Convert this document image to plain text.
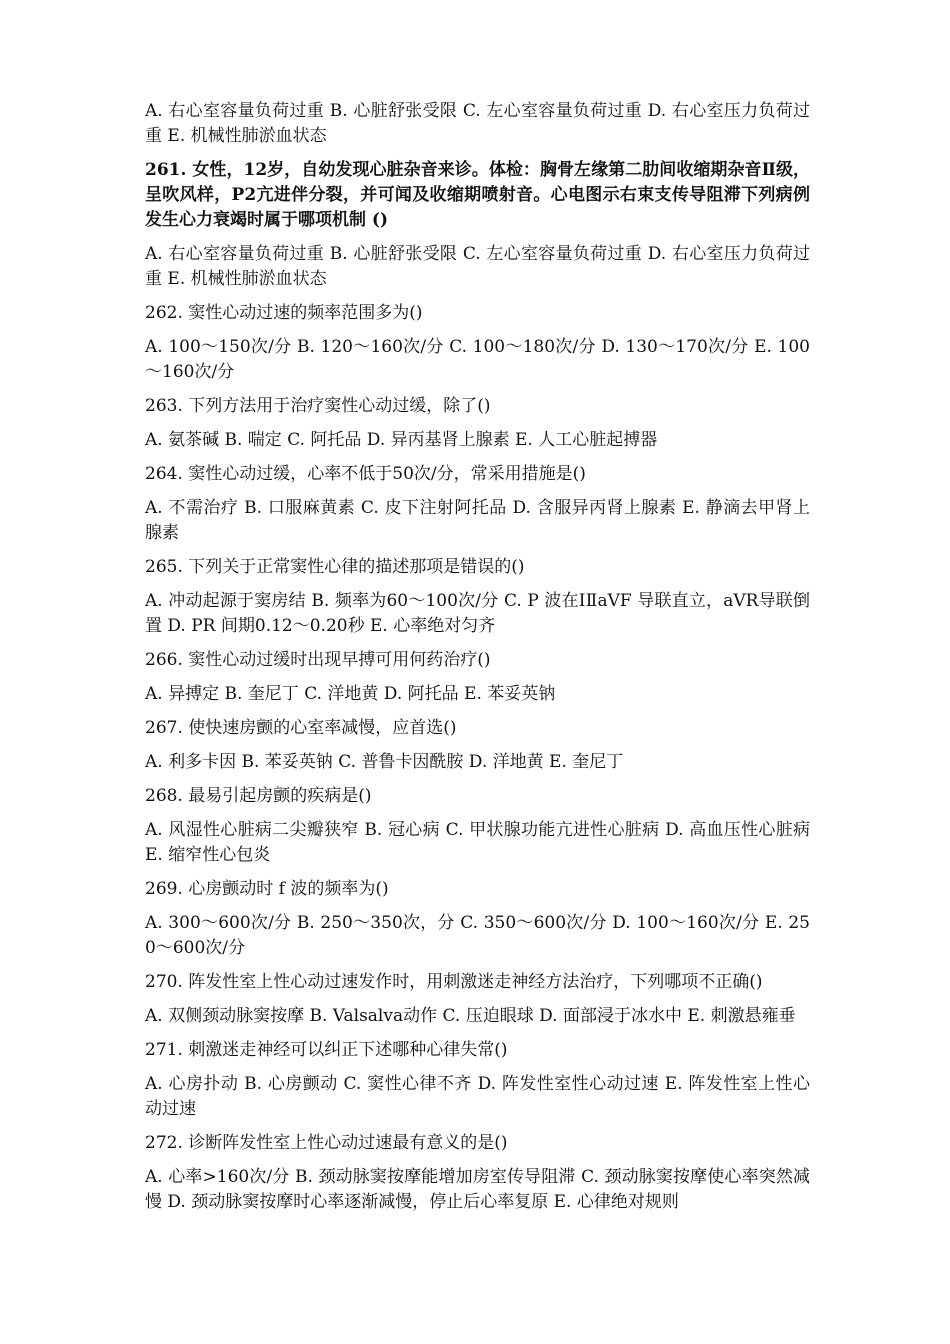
A. 右心室容量负荷过重 B. 心脏舒张受限 C. 左心室容量负荷过重 D. 右心室压力负荷过重 E. 机械性肺淤血状态

261. 女性，12岁，自幼发现心脏杂音来诊。体检：胸骨左缘第二肋间收缩期杂音Ⅱ级，呈吹风样，P2亢进伴分裂，并可闻及收缩期喷射音。心电图示右束支传导阻滞下列病例发生心力衰竭时属于哪项机制 ()

A. 右心室容量负荷过重 B. 心脏舒张受限 C. 左心室容量负荷过重 D. 右心室压力负荷过重 E. 机械性肺淤血状态

262. 窦性心动过速的频率范围多为()

A. 100～150次/分 B. 120～160次/分 C. 100～180次/分 D. 130～170次/分 E. 100～160次/分

263. 下列方法用于治疗窦性心动过缓，除了()

A. 氨茶碱 B. 喘定 C. 阿托品 D. 异丙基肾上腺素 E. 人工心脏起搏器

264. 窦性心动过缓，心率不低于50次/分，常采用措施是()

A. 不需治疗 B. 口服麻黄素 C. 皮下注射阿托品 D. 含服异丙肾上腺素 E. 静滴去甲肾上腺素

265. 下列关于正常窦性心律的描述那项是错误的()

A. 冲动起源于窦房结 B. 频率为60～100次/分 C. P 波在ⅠⅡaVF 导联直立，aVR导联倒置 D. PR 间期0.12～0.20秒 E. 心率绝对匀齐

266. 窦性心动过缓时出现早搏可用何药治疗()

A. 异搏定 B. 奎尼丁 C. 洋地黄 D. 阿托品 E. 苯妥英钠

267. 使快速房颤的心室率减慢，应首选()

A. 利多卡因 B. 苯妥英钠 C. 普鲁卡因酰胺 D. 洋地黄 E. 奎尼丁

268. 最易引起房颤的疾病是()

A. 风湿性心脏病二尖瓣狭窄 B. 冠心病 C. 甲状腺功能亢进性心脏病 D. 高血压性心脏病 E. 缩窄性心包炎

269. 心房颤动时 f 波的频率为()

A. 300～600次/分 B. 250～350次，分 C. 350～600次/分 D. 100～160次/分 E. 250～600次/分

270. 阵发性室上性心动过速发作时，用刺激迷走神经方法治疗，下列哪项不正确()

A. 双侧颈动脉窦按摩 B. Valsalva动作 C. 压迫眼球 D. 面部浸于冰水中 E. 刺激悬雍垂

271. 刺激迷走神经可以纠正下述哪种心律失常()

A. 心房扑动 B. 心房颤动 C. 窦性心律不齐 D. 阵发性室性心动过速 E. 阵发性室上性心动过速

272. 诊断阵发性室上性心动过速最有意义的是()

A. 心率>160次/分 B. 颈动脉窦按摩能增加房室传导阻滞 C. 颈动脉窦按摩使心率突然减慢 D. 颈动脉窦按摩时心率逐渐减慢，停止后心率复原 E. 心律绝对规则
